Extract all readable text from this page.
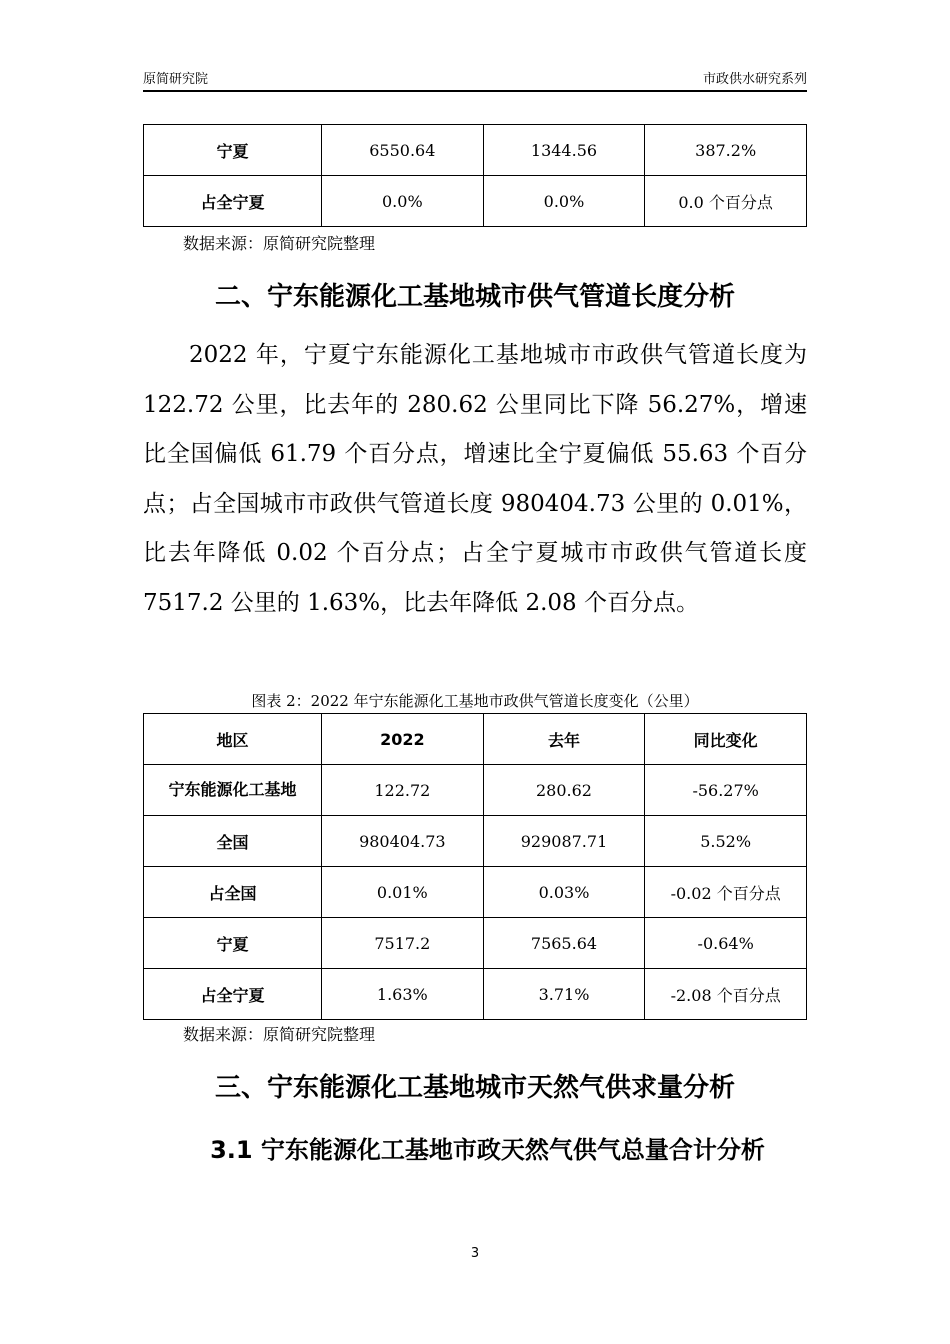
原简研究院	市政供水研究系列
宁夏	6550.64	1344.56	387.2%
占全宁夏	0.0%	0.0%	0.0 个百分点
数据来源：原简研究院整理
二、宁东能源化工基地城市供气管道长度分析
2022 年，宁夏宁东能源化工基地城市市政供气管道长度为 122.72 公里，比去年的 280.62 公里同比下降 56.27%，增速比全国偏低 61.79 个百分点，增速比全宁夏偏低 55.63 个百分点；占全国城市市政供气管道长度 980404.73 公里的 0.01%，比去年降低 0.02 个百分点；占全宁夏城市市政供气管道长度 7517.2 公里的 1.63%，比去年降低 2.08 个百分点。
图表 2：2022 年宁东能源化工基地市政供气管道长度变化（公里）
地区	2022	去年	同比变化
宁东能源化工基地	122.72	280.62	-56.27%
全国	980404.73	929087.71	5.52%
占全国	0.01%	0.03%	-0.02 个百分点
宁夏	7517.2	7565.64	-0.64%
占全宁夏	1.63%	3.71%	-2.08 个百分点
数据来源：原简研究院整理
三、宁东能源化工基地城市天然气供求量分析
3.1 宁东能源化工基地市政天然气供气总量合计分析
3
